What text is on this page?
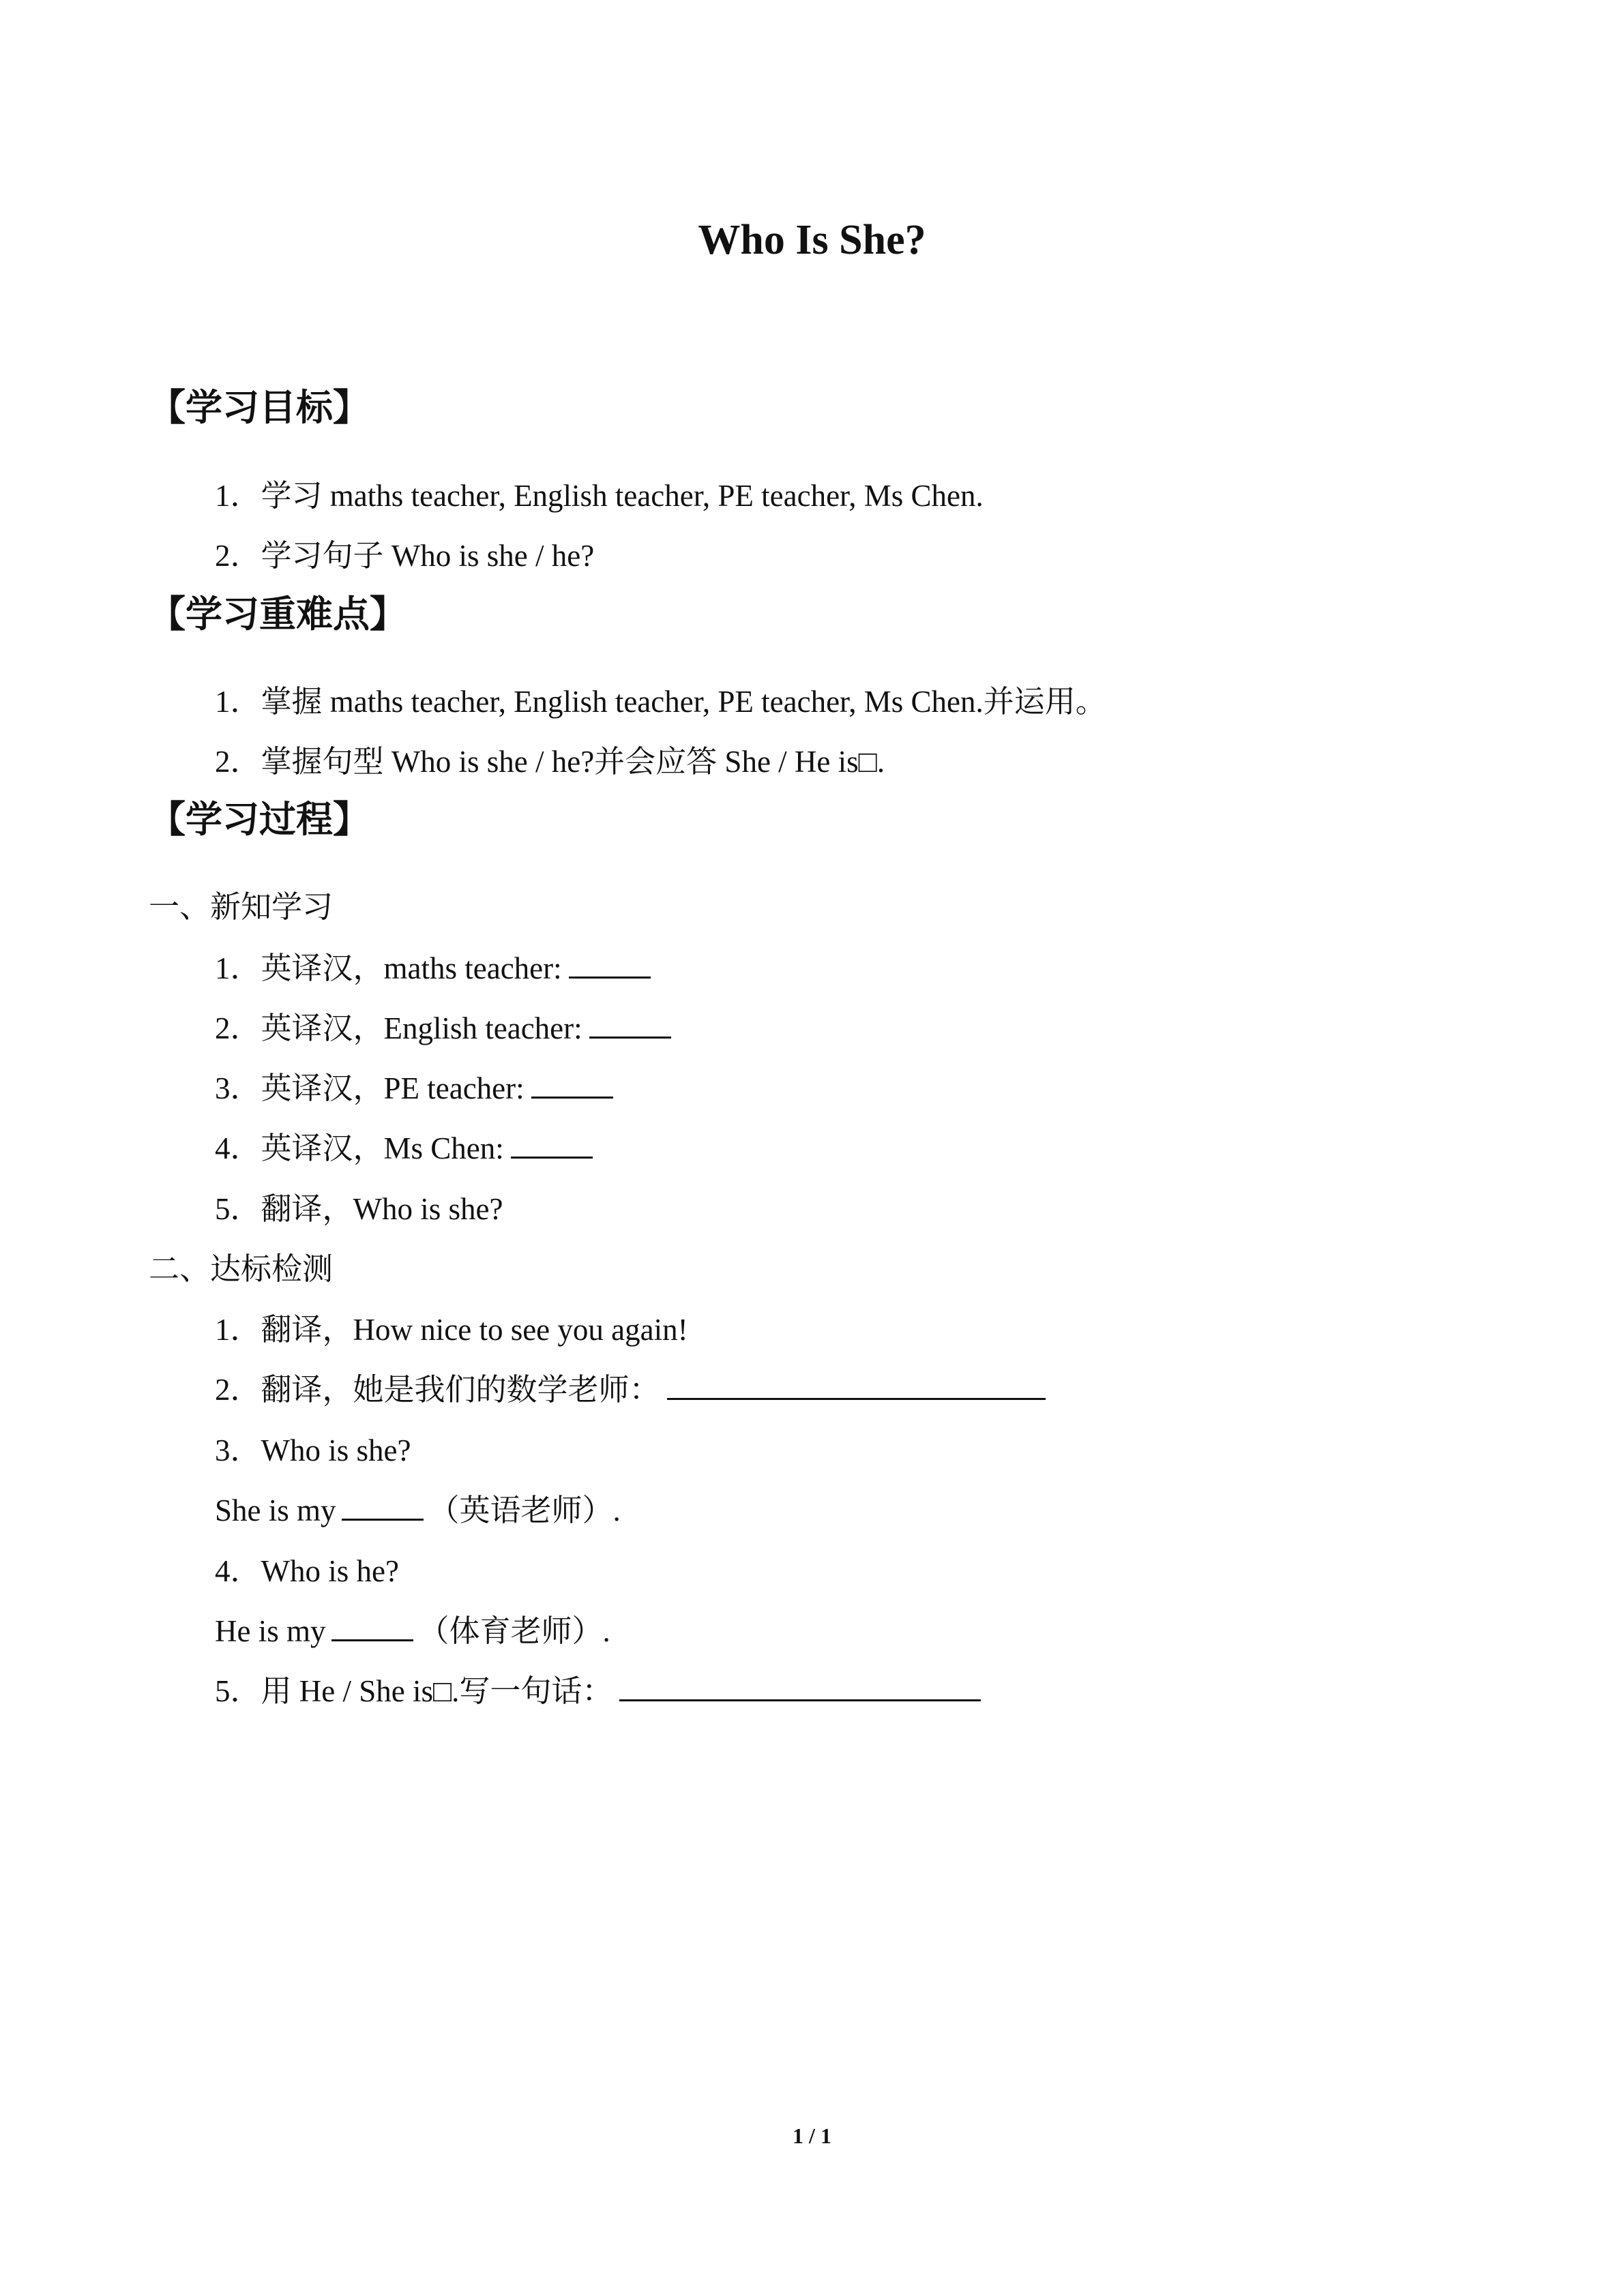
Who Is She?
【学习目标】
1．学习 maths teacher, English teacher, PE teacher, Ms Chen.
2．学习句子 Who is she / he?
【学习重难点】
1．掌握 maths teacher, English teacher, PE teacher, Ms Chen.并运用。
2．掌握句型 Who is she / he?并会应答 She / He is□.
【学习过程】
一、新知学习
1．英译汉，maths teacher:
2．英译汉，English teacher:
3．英译汉，PE teacher:
4．英译汉，Ms Chen:
5．翻译，Who is she?
二、达标检测
1．翻译，How nice to see you again!
2．翻译，她是我们的数学老师：
3．Who is she?
She is my	（英语老师）.
4．Who is he?
He is my	（体育老师）.
5．用 He / She is□.写一句话：
1 / 1
